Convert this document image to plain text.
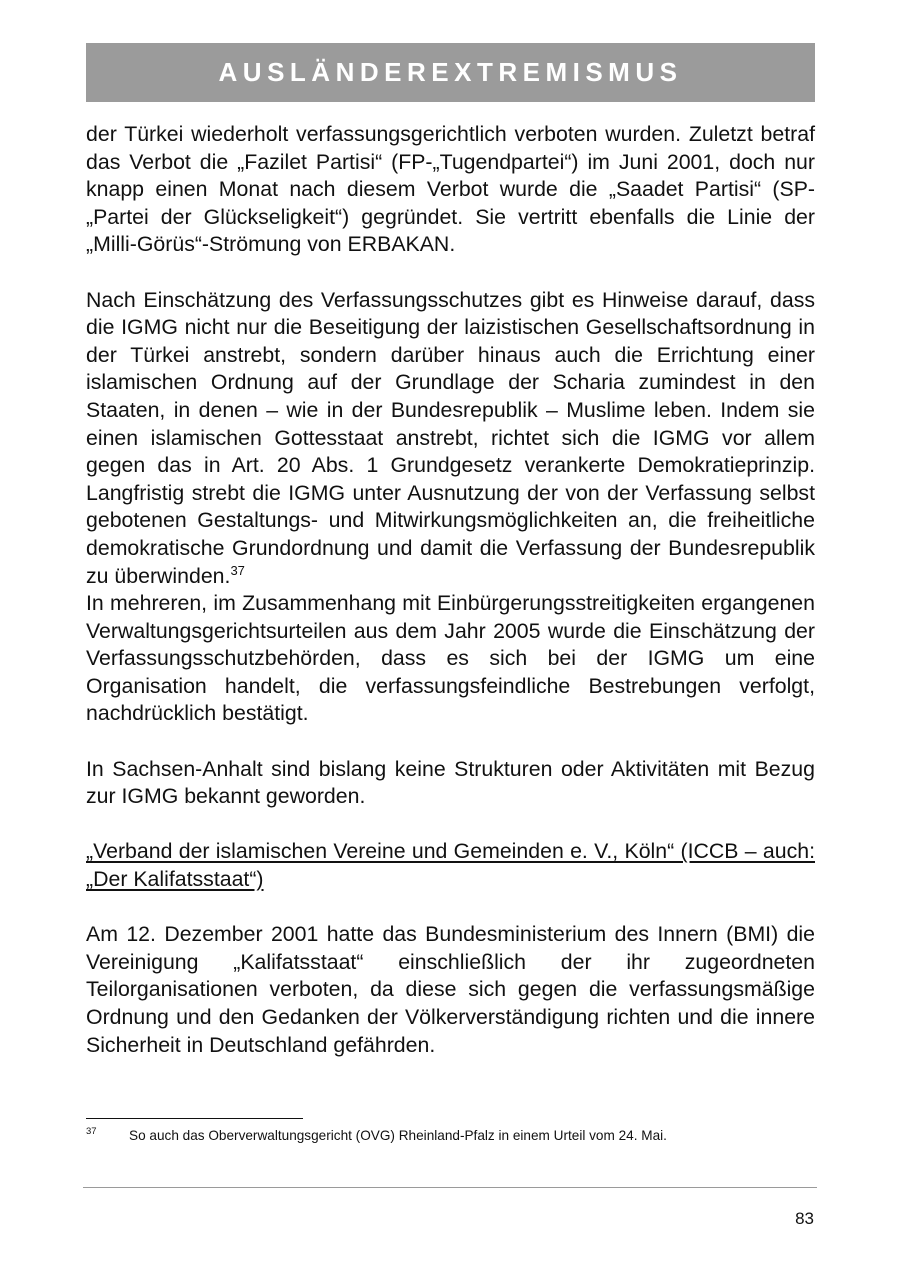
AUSLÄNDEREXTREMISMUS

der Türkei wiederholt verfassungsgerichtlich verboten wurden. Zuletzt betraf das Verbot die „Fazilet Partisi“ (FP-„Tugendpartei“) im Juni 2001, doch nur knapp einen Monat nach diesem Verbot wurde die „Saadet Partisi“ (SP-„Partei der Glückseligkeit“) gegründet. Sie vertritt ebenfalls die Linie der „Milli-Görüs“-Strömung von ERBAKAN.

Nach Einschätzung des Verfassungsschutzes gibt es Hinweise darauf, dass die IGMG nicht nur die Beseitigung der laizistischen Gesellschaftsordnung in der Türkei anstrebt, sondern darüber hinaus auch die Errichtung einer islamischen Ordnung auf der Grundlage der Scharia zumindest in den Staaten, in denen – wie in der Bundesrepublik – Muslime leben. Indem sie einen islamischen Gottesstaat anstrebt, richtet sich die IGMG vor allem gegen das in Art. 20 Abs. 1 Grundgesetz verankerte Demokratieprinzip. Langfristig strebt die IGMG unter Ausnutzung der von der Verfassung selbst gebotenen Gestaltungs- und Mitwirkungsmöglichkeiten an, die freiheitliche demokratische Grundordnung und damit die Verfassung der Bundesrepublik zu überwinden.$^{37}$

In mehreren, im Zusammenhang mit Einbürgerungsstreitigkeiten ergangenen Verwaltungsgerichtsurteilen aus dem Jahr 2005 wurde die Einschätzung der Verfassungsschutzbehörden, dass es sich bei der IGMG um eine Organisation handelt, die verfassungsfeindliche Bestrebungen verfolgt, nachdrücklich bestätigt.

In Sachsen-Anhalt sind bislang keine Strukturen oder Aktivitäten mit Bezug zur IGMG bekannt geworden.

„Verband der islamischen Vereine und Gemeinden e. V., Köln“ (ICCB – auch: „Der Kalifatsstaat“)

Am 12. Dezember 2001 hatte das Bundesministerium des Innern (BMI) die Vereinigung „Kalifatsstaat“ einschließlich der ihr zugeordneten Teilorganisationen verboten, da diese sich gegen die verfassungsmäßige Ordnung und den Gedanken der Völkerverständigung richten und die innere Sicherheit in Deutschland gefährden.

37 So auch das Oberverwaltungsgericht (OVG) Rheinland-Pfalz in einem Urteil vom 24. Mai.
83
